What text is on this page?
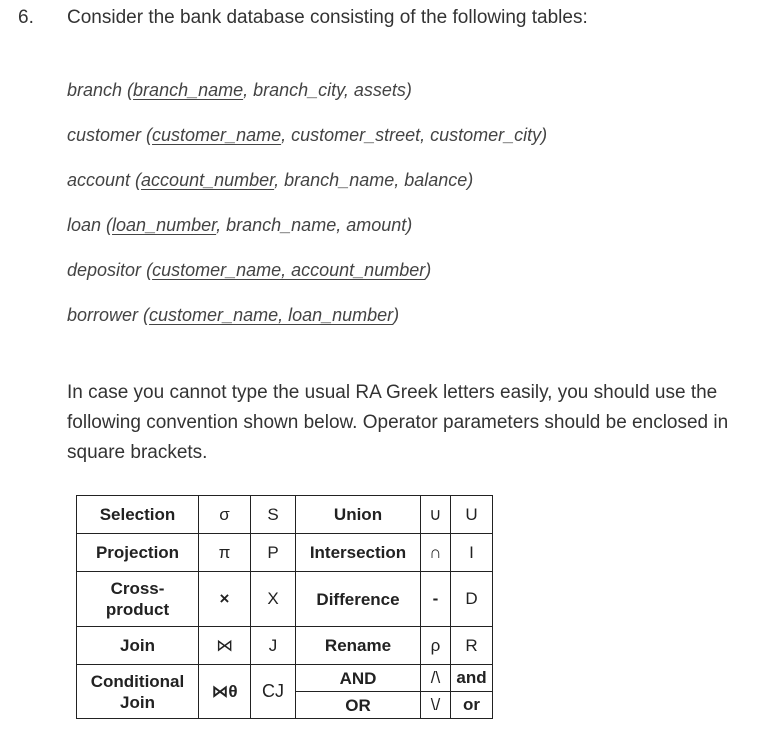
6. Consider the bank database consisting of the following tables:
branch (branch_name, branch_city, assets)
customer (customer_name, customer_street, customer_city)
account (account_number, branch_name, balance)
loan (loan_number, branch_name, amount)
depositor (customer_name, account_number)
borrower (customer_name, loan_number)
In case you cannot type the usual RA Greek letters easily, you should use the following convention shown below. Operator parameters should be enclosed in square brackets.
Selection	σ	S	Union	∪	U
Projection	π	P	Intersection	∩	I
Cross-
product	×	X	Difference	-	D
Join	⋈	J	Rename	ρ	R
Conditional
Join	⋈θ	CJ	AND	/\	and
			OR	\/	or
